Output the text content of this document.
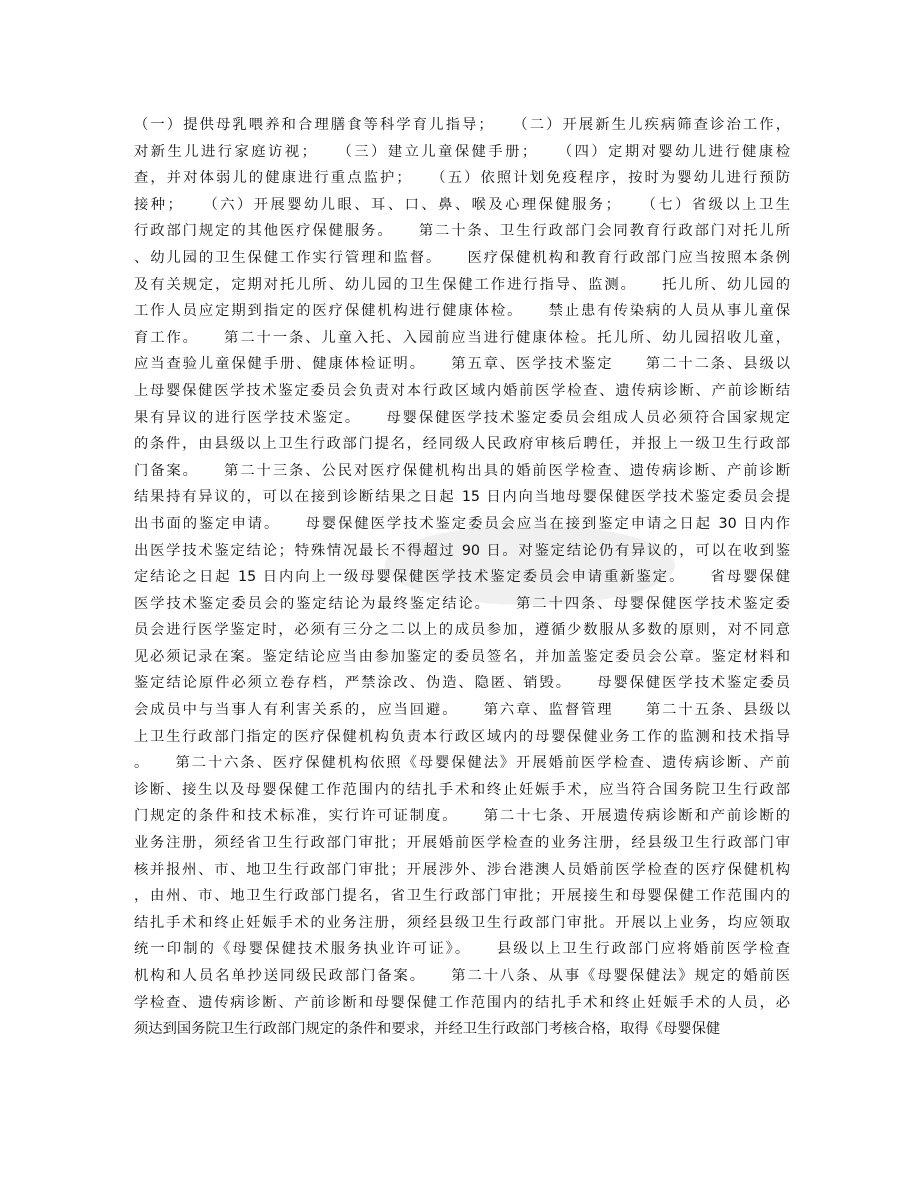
（一）提供母乳喂养和合理膳食等科学育儿指导；　　（二）开展新生儿疾病筛查诊治工作，
对新生儿进行家庭访视；　　（三）建立儿童保健手册；　　（四）定期对婴幼儿进行健康检
查，并对体弱儿的健康进行重点监护；　　（五）依照计划免疫程序，按时为婴幼儿进行预防
接种；　　（六）开展婴幼儿眼、耳、口、鼻、喉及心理保健服务；　　（七）省级以上卫生
行政部门规定的其他医疗保健服务。　　第二十条、卫生行政部门会同教育行政部门对托儿所
、幼儿园的卫生保健工作实行管理和监督。　　医疗保健机构和教育行政部门应当按照本条例
及有关规定，定期对托儿所、幼儿园的卫生保健工作进行指导、监测。　　托儿所、幼儿园的
工作人员应定期到指定的医疗保健机构进行健康体检。　　禁止患有传染病的人员从事儿童保
育工作。　　第二十一条、儿童入托、入园前应当进行健康体检。托儿所、幼儿园招收儿童，
应当查验儿童保健手册、健康体检证明。　　第五章、医学技术鉴定　　第二十二条、县级以
上母婴保健医学技术鉴定委员会负责对本行政区域内婚前医学检查、遗传病诊断、产前诊断结
果有异议的进行医学技术鉴定。　　母婴保健医学技术鉴定委员会组成人员必须符合国家规定
的条件，由县级以上卫生行政部门提名，经同级人民政府审核后聘任，并报上一级卫生行政部
门备案。　　第二十三条、公民对医疗保健机构出具的婚前医学检查、遗传病诊断、产前诊断
结果持有异议的，可以在接到诊断结果之日起 15 日内向当地母婴保健医学技术鉴定委员会提
出书面的鉴定申请。　　母婴保健医学技术鉴定委员会应当在接到鉴定申请之日起 30 日内作
出医学技术鉴定结论；特殊情况最长不得超过 90 日。对鉴定结论仍有异议的，可以在收到鉴
定结论之日起 15 日内向上一级母婴保健医学技术鉴定委员会申请重新鉴定。　　省母婴保健
医学技术鉴定委员会的鉴定结论为最终鉴定结论。　　第二十四条、母婴保健医学技术鉴定委
员会进行医学鉴定时，必须有三分之二以上的成员参加，遵循少数服从多数的原则，对不同意
见必须记录在案。鉴定结论应当由参加鉴定的委员签名，并加盖鉴定委员会公章。鉴定材料和
鉴定结论原件必须立卷存档，严禁涂改、伪造、隐匿、销毁。　　母婴保健医学技术鉴定委员
会成员中与当事人有利害关系的，应当回避。　　第六章、监督管理　　第二十五条、县级以
上卫生行政部门指定的医疗保健机构负责本行政区域内的母婴保健业务工作的监测和技术指导
。　　第二十六条、医疗保健机构依照《母婴保健法》开展婚前医学检查、遗传病诊断、产前
诊断、接生以及母婴保健工作范围内的结扎手术和终止妊娠手术，应当符合国务院卫生行政部
门规定的条件和技术标准，实行许可证制度。　　第二十七条、开展遗传病诊断和产前诊断的
业务注册，须经省卫生行政部门审批；开展婚前医学检查的业务注册，经县级卫生行政部门审
核并报州、市、地卫生行政部门审批；开展涉外、涉台港澳人员婚前医学检查的医疗保健机构
，由州、市、地卫生行政部门提名，省卫生行政部门审批；开展接生和母婴保健工作范围内的
结扎手术和终止妊娠手术的业务注册，须经县级卫生行政部门审批。开展以上业务，均应领取
统一印制的《母婴保健技术服务执业许可证》。　　县级以上卫生行政部门应将婚前医学检查
机构和人员名单抄送同级民政部门备案。　　第二十八条、从事《母婴保健法》规定的婚前医
学检查、遗传病诊断、产前诊断和母婴保健工作范围内的结扎手术和终止妊娠手术的人员，必
须达到国务院卫生行政部门规定的条件和要求，并经卫生行政部门考核合格，取得《母婴保健
